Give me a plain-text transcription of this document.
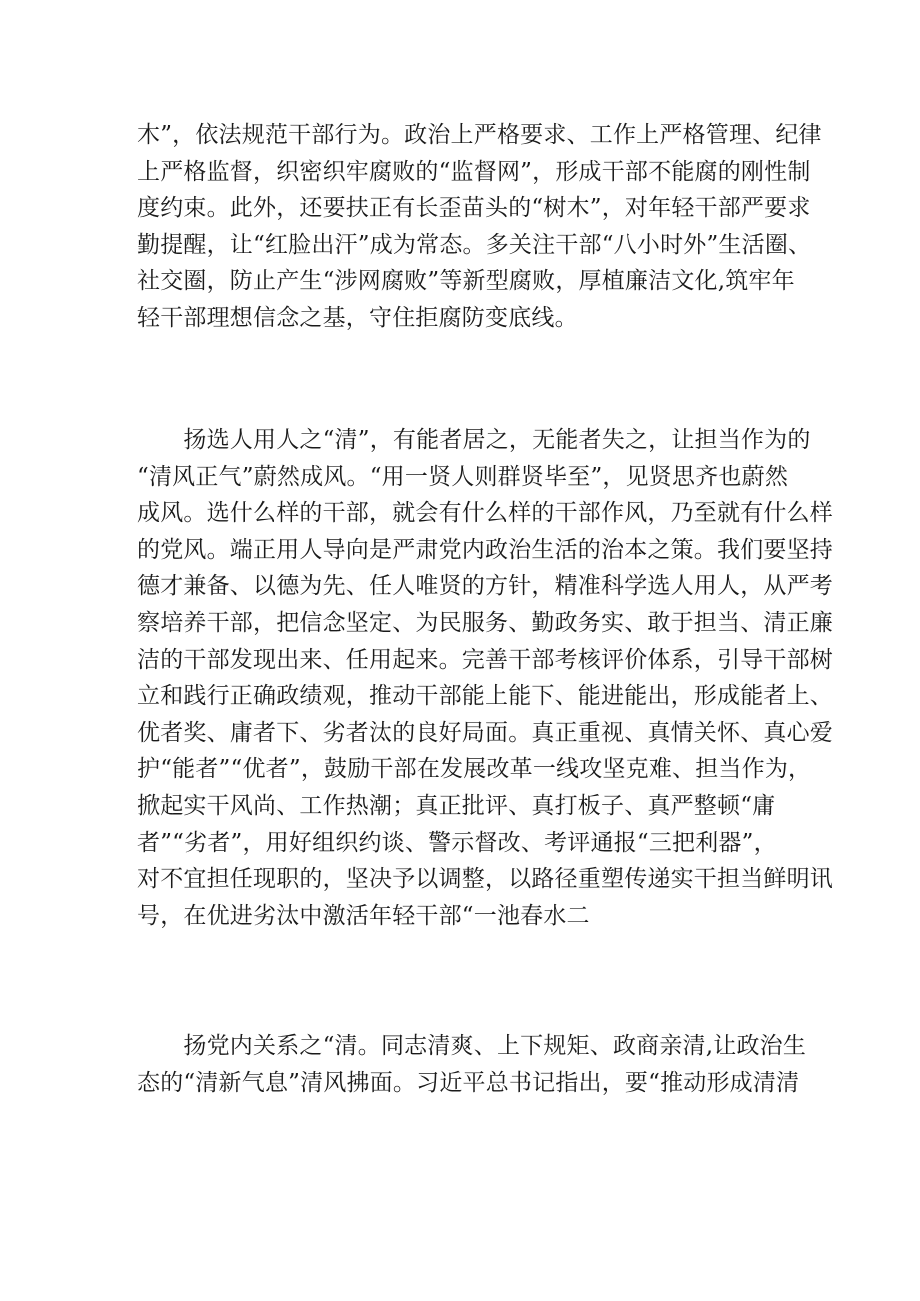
木”，依法规范干部行为。政治上严格要求、工作上严格管理、纪律
上严格监督，织密织牢腐败的“监督网”，形成干部不能腐的刚性制
度约束。此外，还要扶正有长歪苗头的“树木”，对年轻干部严要求
勤提醒，让“红脸出汗”成为常态。多关注干部“八小时外”生活圈、
社交圈，防止产生“涉网腐败”等新型腐败，厚植廉洁文化,筑牢年
轻干部理想信念之基，守住拒腐防变底线。

　　扬选人用人之“清”，有能者居之，无能者失之，让担当作为的
“清风正气”蔚然成风。“用一贤人则群贤毕至”，见贤思齐也蔚然
成风。选什么样的干部，就会有什么样的干部作风，乃至就有什么样
的党风。端正用人导向是严肃党内政治生活的治本之策。我们要坚持
德才兼备、以德为先、任人唯贤的方针，精准科学选人用人，从严考
察培养干部，把信念坚定、为民服务、勤政务实、敢于担当、清正廉
洁的干部发现出来、任用起来。完善干部考核评价体系，引导干部树
立和践行正确政绩观，推动干部能上能下、能进能出，形成能者上、
优者奖、庸者下、劣者汰的良好局面。真正重视、真情关怀、真心爱
护“能者”“优者”，鼓励干部在发展改革一线攻坚克难、担当作为，
掀起实干风尚、工作热潮；真正批评、真打板子、真严整顿“庸
者”“劣者”，用好组织约谈、警示督改、考评通报“三把利器”，
对不宜担任现职的，坚决予以调整，以路径重塑传递实干担当鲜明讯
号，在优进劣汰中激活年轻干部“一池春水二

　　扬党内关系之“清。同志清爽、上下规矩、政商亲清,让政治生
态的“清新气息”清风拂面。习近平总书记指出，要“推动形成清清
